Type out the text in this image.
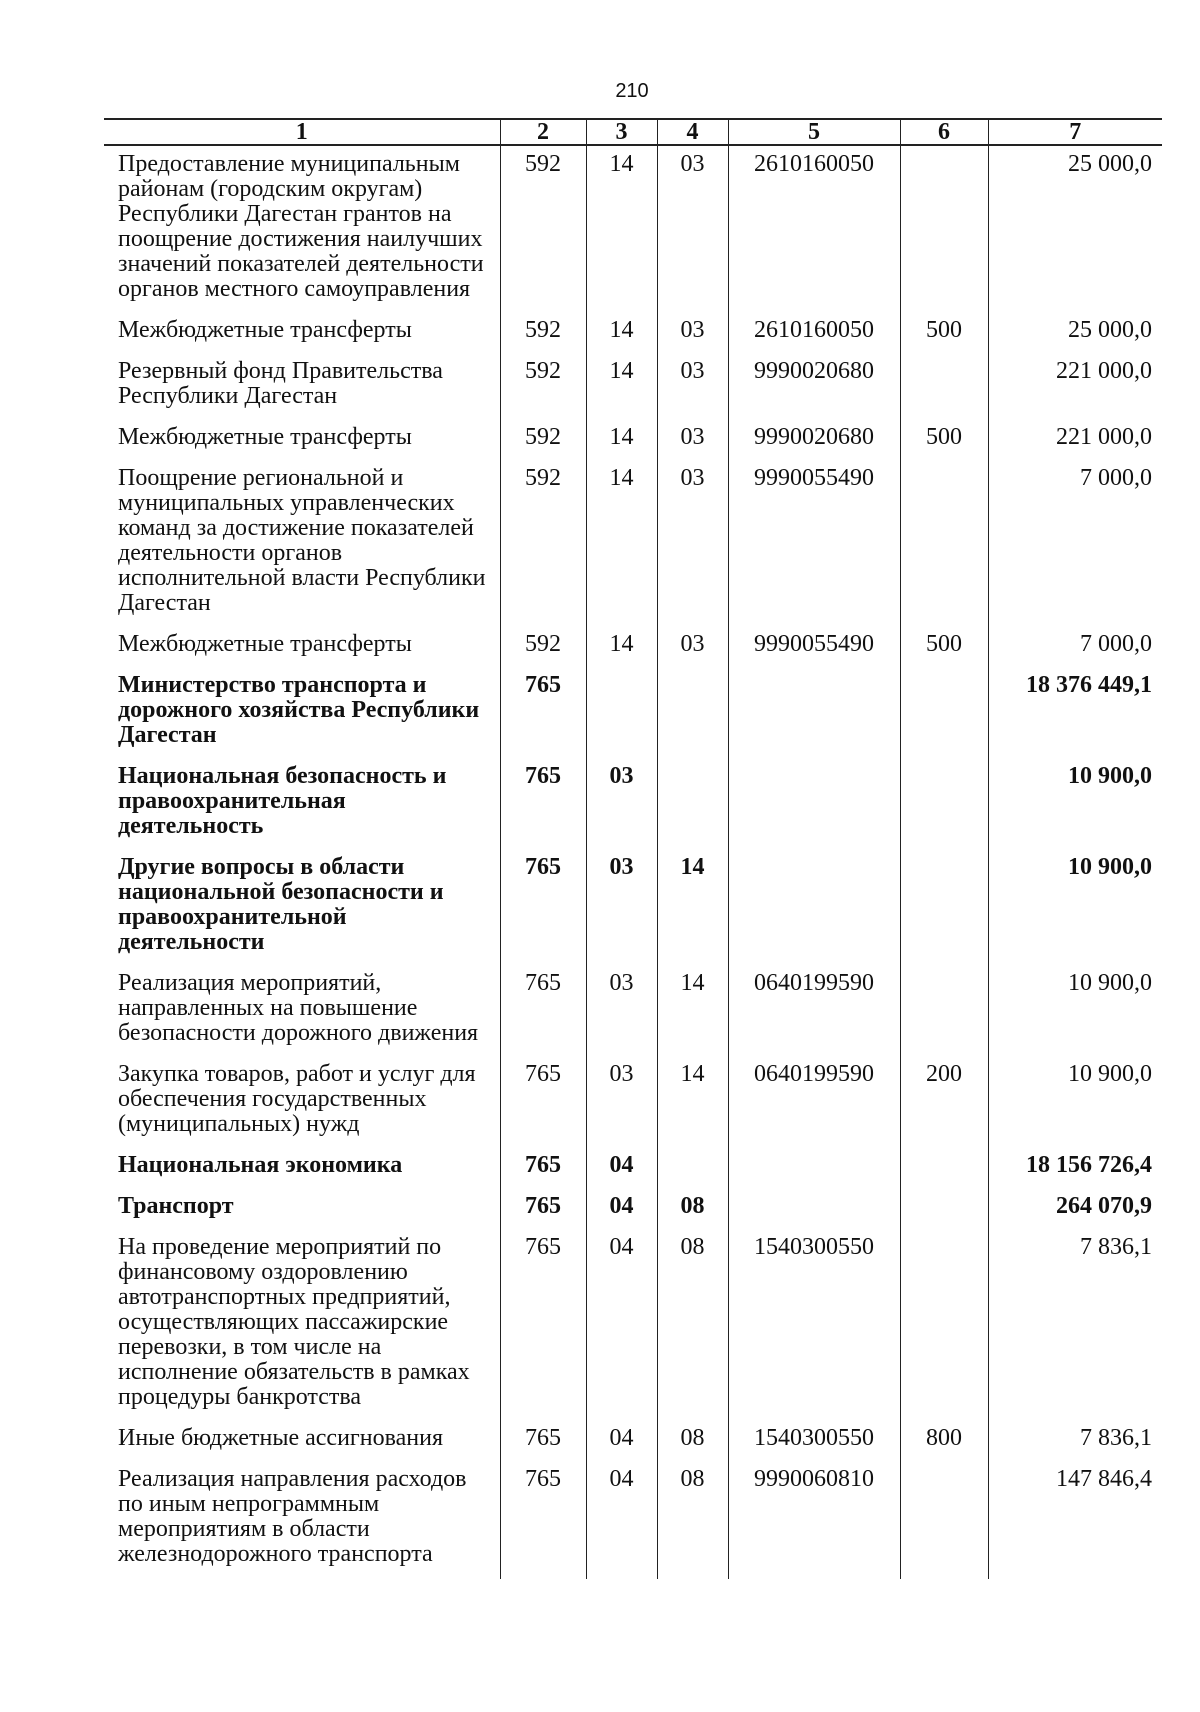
210
1	2	3	4	5	6	7
Предоставление муниципальным районам (городским округам) Республики Дагестан грантов на поощрение достижения наилучших значений показателей деятельности органов местного самоуправления	592	14	03	2610160050		25 000,0
Межбюджетные трансферты	592	14	03	2610160050	500	25 000,0
Резервный фонд Правительства Республики Дагестан	592	14	03	9990020680		221 000,0
Межбюджетные трансферты	592	14	03	9990020680	500	221 000,0
Поощрение региональной и муниципальных управленческих команд за достижение показателей деятельности органов исполнительной власти Республики Дагестан	592	14	03	9990055490		7 000,0
Межбюджетные трансферты	592	14	03	9990055490	500	7 000,0
Министерство транспорта и дорожного хозяйства Республики Дагестан	765					18 376 449,1
Национальная безопасность и правоохранительная деятельность	765	03				10 900,0
Другие вопросы в области национальной безопасности и правоохранительной деятельности	765	03	14			10 900,0
Реализация мероприятий, направленных на повышение безопасности дорожного движения	765	03	14	0640199590		10 900,0
Закупка товаров, работ и услуг для обеспечения государственных (муниципальных) нужд	765	03	14	0640199590	200	10 900,0
Национальная экономика	765	04				18 156 726,4
Транспорт	765	04	08			264 070,9
На проведение мероприятий по финансовому оздоровлению автотранспортных предприятий, осуществляющих пассажирские перевозки, в том числе на исполнение обязательств в рамках процедуры банкротства	765	04	08	1540300550		7 836,1
Иные бюджетные ассигнования	765	04	08	1540300550	800	7 836,1
Реализация направления расходов по иным непрограммным мероприятиям в области железнодорожного транспорта	765	04	08	9990060810		147 846,4
